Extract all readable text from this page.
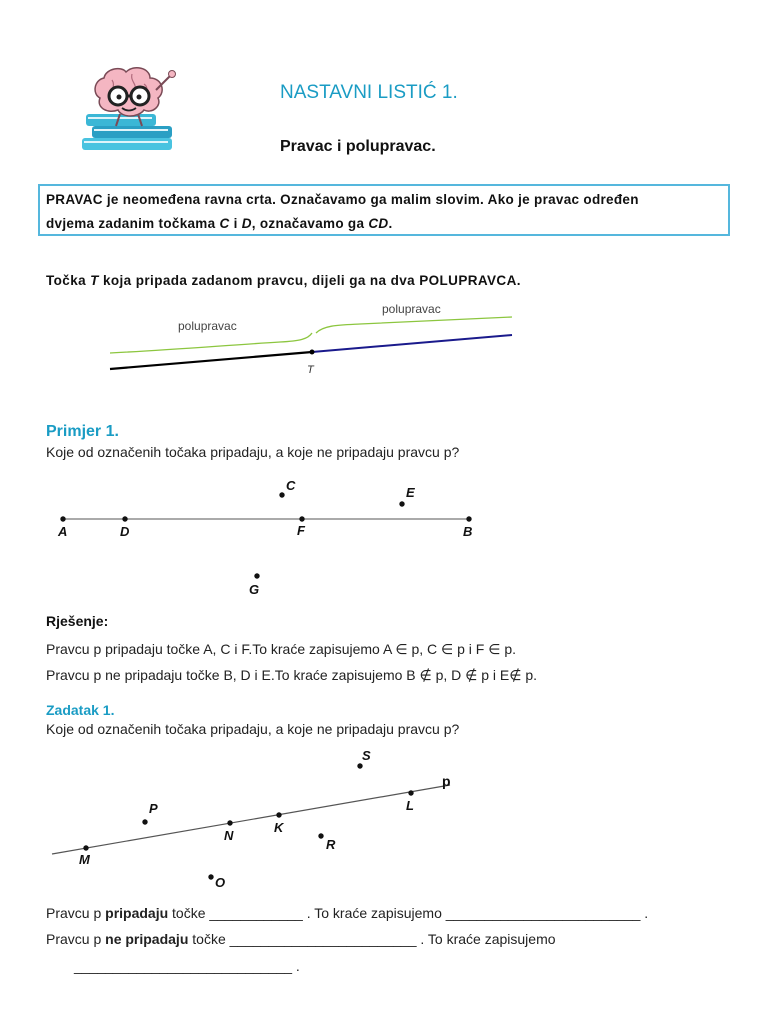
NASTAVNI LISTIĆ 1.
Pravac i polupravac.
PRAVAC je neomeđena ravna crta. Označavamo ga malim slovim. Ako je pravac određen
dvjema zadanim točkama C i D, označavamo ga CD.
Točka T koja pripada zadanom pravcu, dijeli ga na dva POLUPRAVCA.
polupravac
polupravac
T
Primjer 1.
Koje od označenih točaka pripadaju, a koje ne pripadaju pravcu p?
A	D
C
F
E
B
G
Rješenje:
Pravcu p pripadaju točke A, C i F.To kraće zapisujemo A ∈ p, C ∈ p i F ∈ p.
Pravcu p ne pripadaju točke B, D i E.To kraće zapisujemo B ∉ p, D ∉ p i E∉ p.
Zadatak 1.
Koje od označenih točaka pripadaju, a koje ne pripadaju pravcu p?
S
P	L
N
K
R
M
O
p
Pravcu p pripadaju točke ____________ . To kraće zapisujemo _________________________ .
Pravcu p ne pripadaju točke ________________________ . To kraće zapisujemo
____________________________ .
